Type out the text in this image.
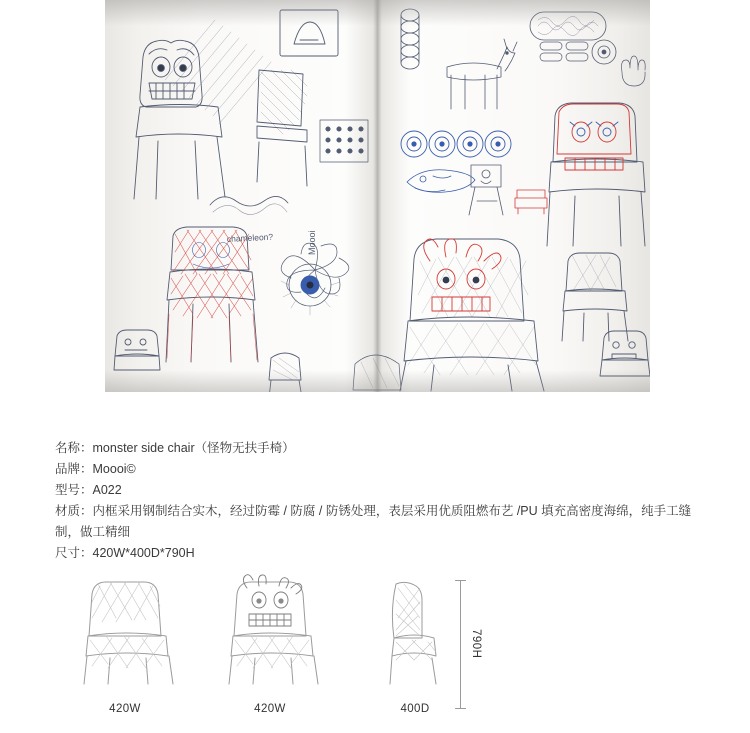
chameleon?	Moooi
名称：monster side chair（怪物无扶手椅）
品牌：Moooi©
型号：A022
材质：内框采用钢制结合实木，经过防霉 / 防腐 / 防锈处理，表层采用优质阻燃布艺 /PU 填充高密度海绵，纯手工缝制，做工精细
尺寸：420W*400D*790H
420W	420W	400D
790H
